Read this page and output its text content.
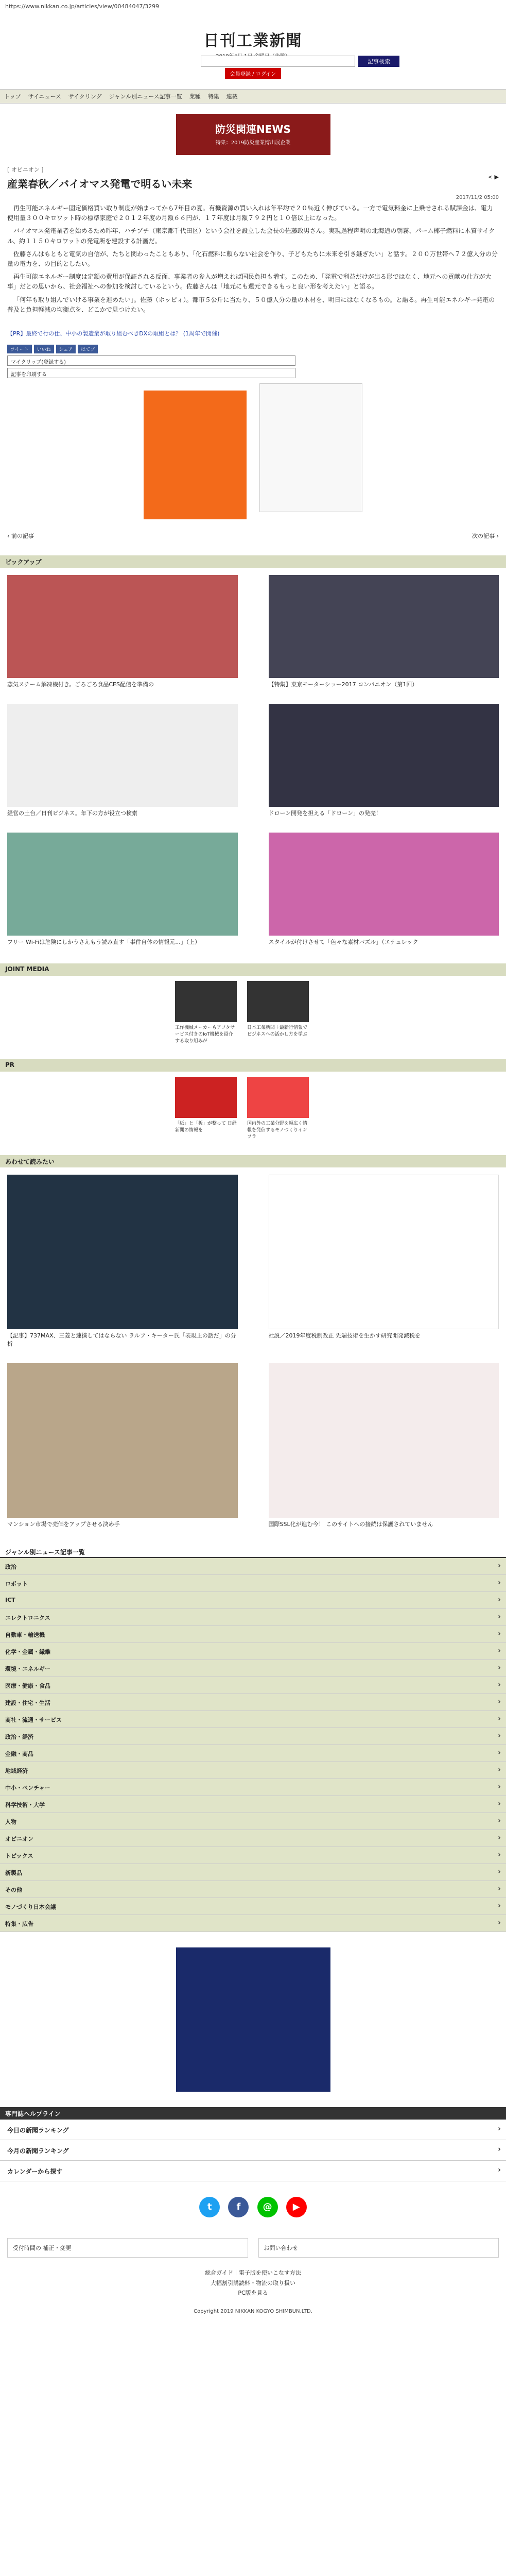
https://www.nikkan.co.jp/articles/view/00484047/3299
日刊工業新聞
記事検索
会員登録 / ログイン
トップ サイニュース サイクリング ジャンル別ニュース記事一覧 業種 特集 連載
防災関連NEWS
特集：2019防災産業博出展企業
[ オピニオン ]
< ▶
産業春秋／バイオマス発電で明るい未来
2017/11/2 05:00

再生可能エネルギー固定価格買い取り制度が始まってから7年目の夏。有機資源の買い入れは年平均で２０％近く伸びている。一方で電気料金に上乗せされる賦課金は、電力使用量３００キロワット時の標準家庭で２０１２年度の月額６６円が、１７年度は月額７９２円と１０倍以上になった。

バイオマス発電業者を始めるため昨年、ハチブチ（東京都千代田区）という会社を設立した会長の佐藤政男さん。実現過程声明の北海道の朝霧、パーム椰子燃料に木質サイクル、約１１５０キロワットの発電所を建設する計画だ。

佐藤さんはもともと電気の自信が、たちと関わったこともあり、「化石燃料に頼らない社会を作り、子どもたちに未来を引き継ぎたい」と話す。２００万世帯へ７２億人分の分量の電力を、の目的としたい。

再生可能エネルギー制度は定額の費用が保証される反面、事業者の参入が増えれば国民負担も増す。このため、「発電で利益だけが出る形ではなく、地元への貢献の仕方が大事」だとの思いから、社会福祉への参加を検討しているという。佐藤さんは「地元にも還元できるもっと良い形を考えたい」と語る。

「何年も取り組んでいける事業を進めたい」。佐藤（ホッピィ）。都市５公斤に当たり、５０億人分の量の木材を、明日にはなくなるもの。と語る。再生可能エネルギー発電の普及と負担軽減の均衡点を、どこかで見つけたい。

【PR】最終で行の仕、中小の製造業が取り組むべきDXの取組とは？ (1周年で開催)
ツイート	いいね	シェア	はてブ
マイクリップ(登録する)
記事を印刷する

‹ 前の記事	次の記事 ›
ピックアップ
蒸気スチーム解凍機付き。ごろごろ食品CES配信を準備の	【特集】東京モーターショー2017 コンパニオン（第1回）
経営の土台／日刊ビジネス。年下の方が役立つ検索	ドローン開発を担える「ドローン」の発売！
フリー Wi-Fiは危険にしかうさえもう読み直す「事件自体の情報元...」（上）	スタイルが付けさせて「色々な素材パズル」（エテュレック
JOINT MEDIA
工作機械メーカーもアフタサービス付きのIoT機械を紹介する取り組みが
日本工業新聞＋最新行情報でビジネスへの活かし方を学ぶ
PR
「紙」と「板」が整って 日経新聞の情報を
国内外の工業分野を幅広く情報を発信するモノづくりインフラ
あわせて読みたい
【記事】737MAX、三菱と連携してはならない ラルフ・キーター氏「表現上の話だ」の分析
社説／2019年度税制改正 先端技術を生かす研究開発減税を
マンション市場で売価をアップさせる決め手	国際SSL化が進む今！ このサイトへの接続は保護されていません
ジャンル別ニュース記事一覧
政治 ›
ロボット ›
ICT ›
エレクトロニクス ›
自動車・輸送機 ›
化学・金属・繊維 ›
環境・エネルギー ›
医療・健康・食品 ›
建設・住宅・生活 ›
商社・流通・サービス ›
政治・経済 ›
金融・商品 ›
地域経済 ›
中小・ベンチャー ›
科学技術・大学 ›
人物 ›
オピニオン ›
トピックス ›
新製品 ›
その他 ›
モノづくり日本会議 ›
特集・広告 ›
専門誌へルプライン
今日の新聞ランキング ›
今月の新聞ランキング ›
カレンダーから探す ›
t	f @ ▶
受付時間の 補正・変更	お問い合わせ
総合ガイド｜電子版を使いこなす方法
大幅割引購読料・物流の取り扱い
PC版を見る
Copyright 2019 NIKKAN KOGYO SHIMBUN,LTD.
